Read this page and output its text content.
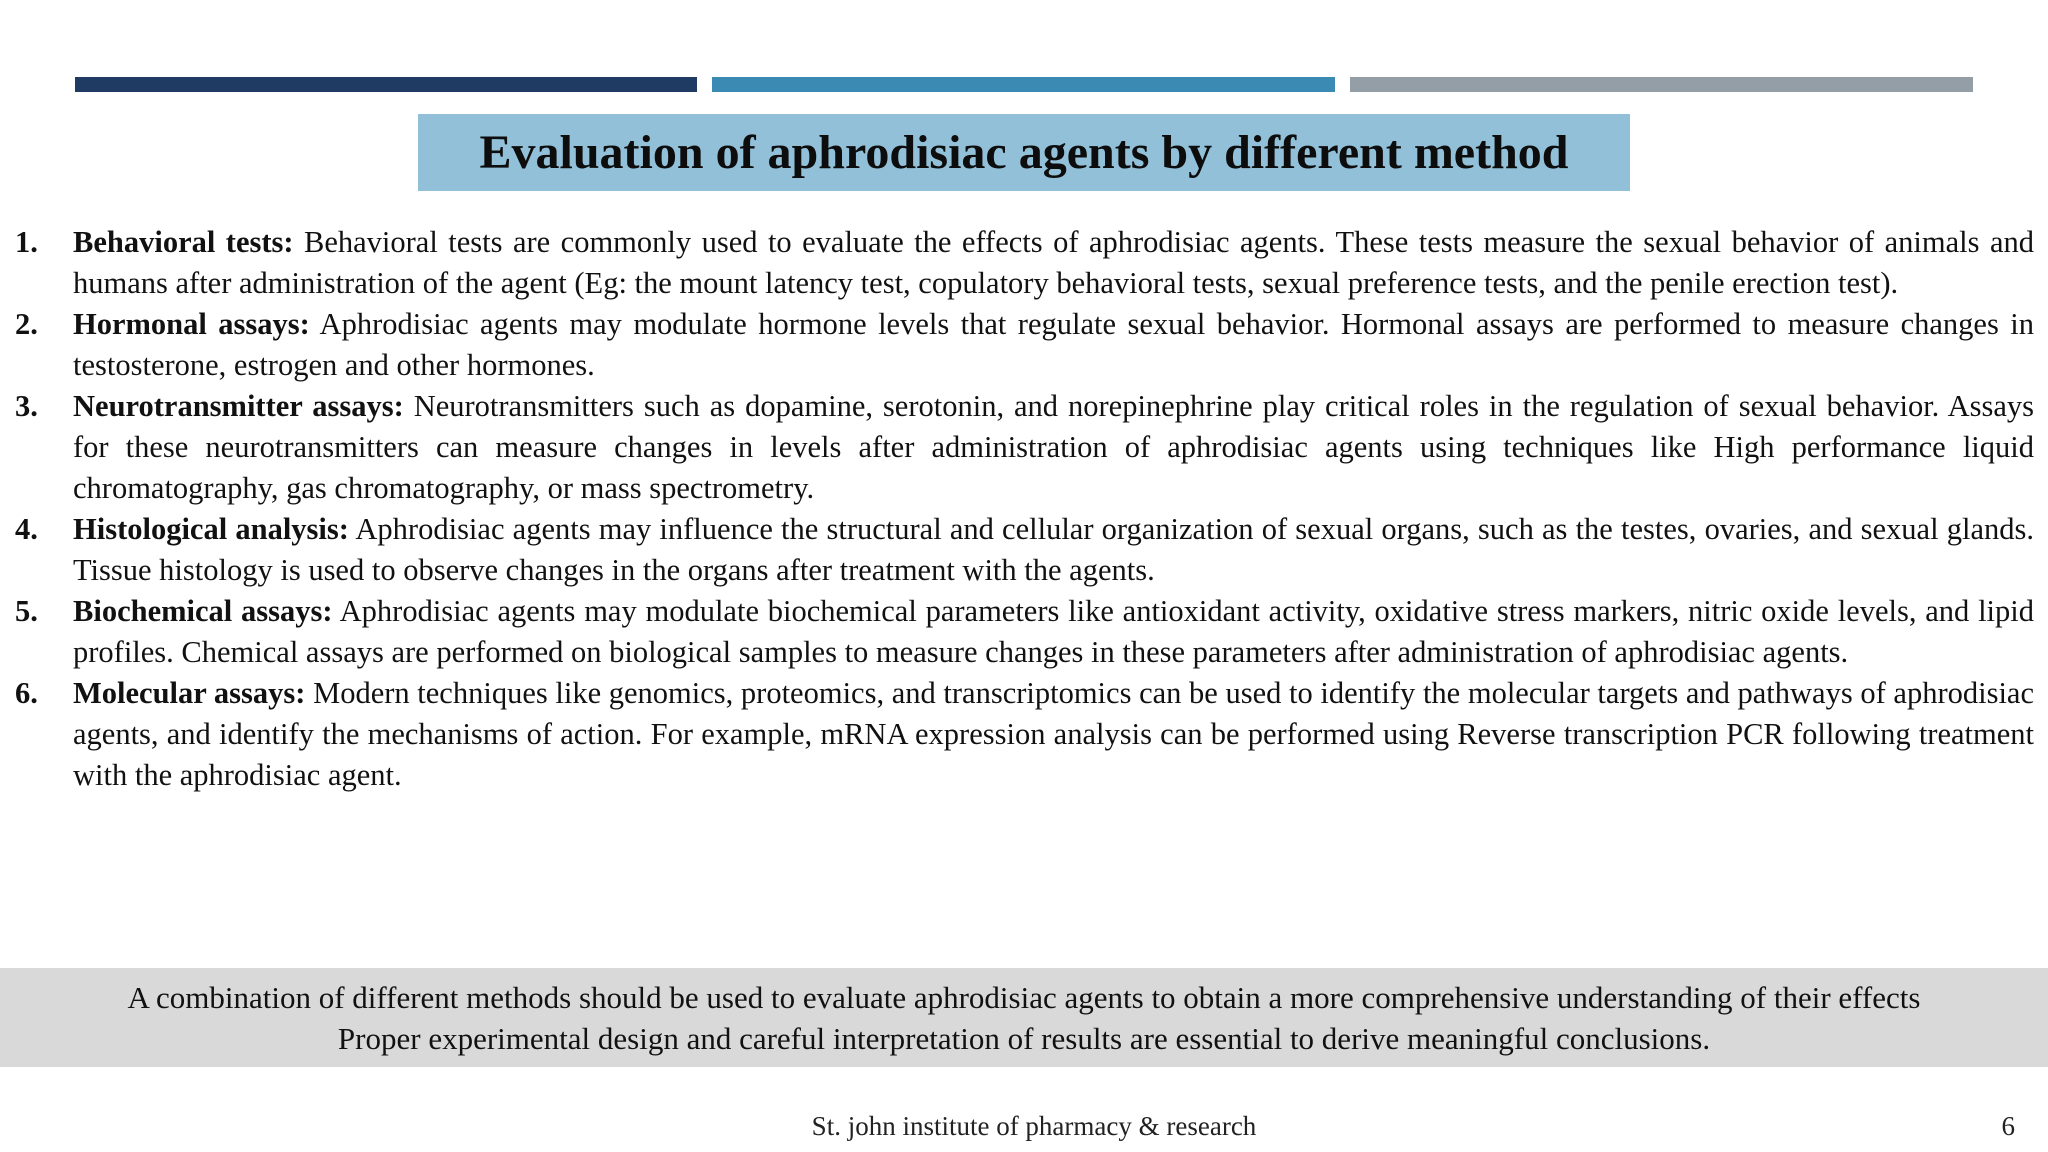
Evaluation of aphrodisiac agents by different method
1. Behavioral tests: Behavioral tests are commonly used to evaluate the effects of aphrodisiac agents. These tests measure the sexual behavior of animals and humans after administration of the agent (Eg: the mount latency test, copulatory behavioral tests, sexual preference tests, and the penile erection test).
2. Hormonal assays: Aphrodisiac agents may modulate hormone levels that regulate sexual behavior. Hormonal assays are performed to measure changes in testosterone, estrogen and other hormones.
3. Neurotransmitter assays: Neurotransmitters such as dopamine, serotonin, and norepinephrine play critical roles in the regulation of sexual behavior. Assays for these neurotransmitters can measure changes in levels after administration of aphrodisiac agents using techniques like High performance liquid chromatography, gas chromatography, or mass spectrometry.
4. Histological analysis: Aphrodisiac agents may influence the structural and cellular organization of sexual organs, such as the testes, ovaries, and sexual glands. Tissue histology is used to observe changes in the organs after treatment with the agents.
5. Biochemical assays: Aphrodisiac agents may modulate biochemical parameters like antioxidant activity, oxidative stress markers, nitric oxide levels, and lipid profiles. Chemical assays are performed on biological samples to measure changes in these parameters after administration of aphrodisiac agents.
6. Molecular assays: Modern techniques like genomics, proteomics, and transcriptomics can be used to identify the molecular targets and pathways of aphrodisiac agents, and identify the mechanisms of action. For example, mRNA expression analysis can be performed using Reverse transcription PCR following treatment with the aphrodisiac agent.
A combination of different methods should be used to evaluate aphrodisiac agents to obtain a more comprehensive understanding of their effects
Proper experimental design and careful interpretation of results are essential to derive meaningful conclusions.
St. john institute of pharmacy & research	6
